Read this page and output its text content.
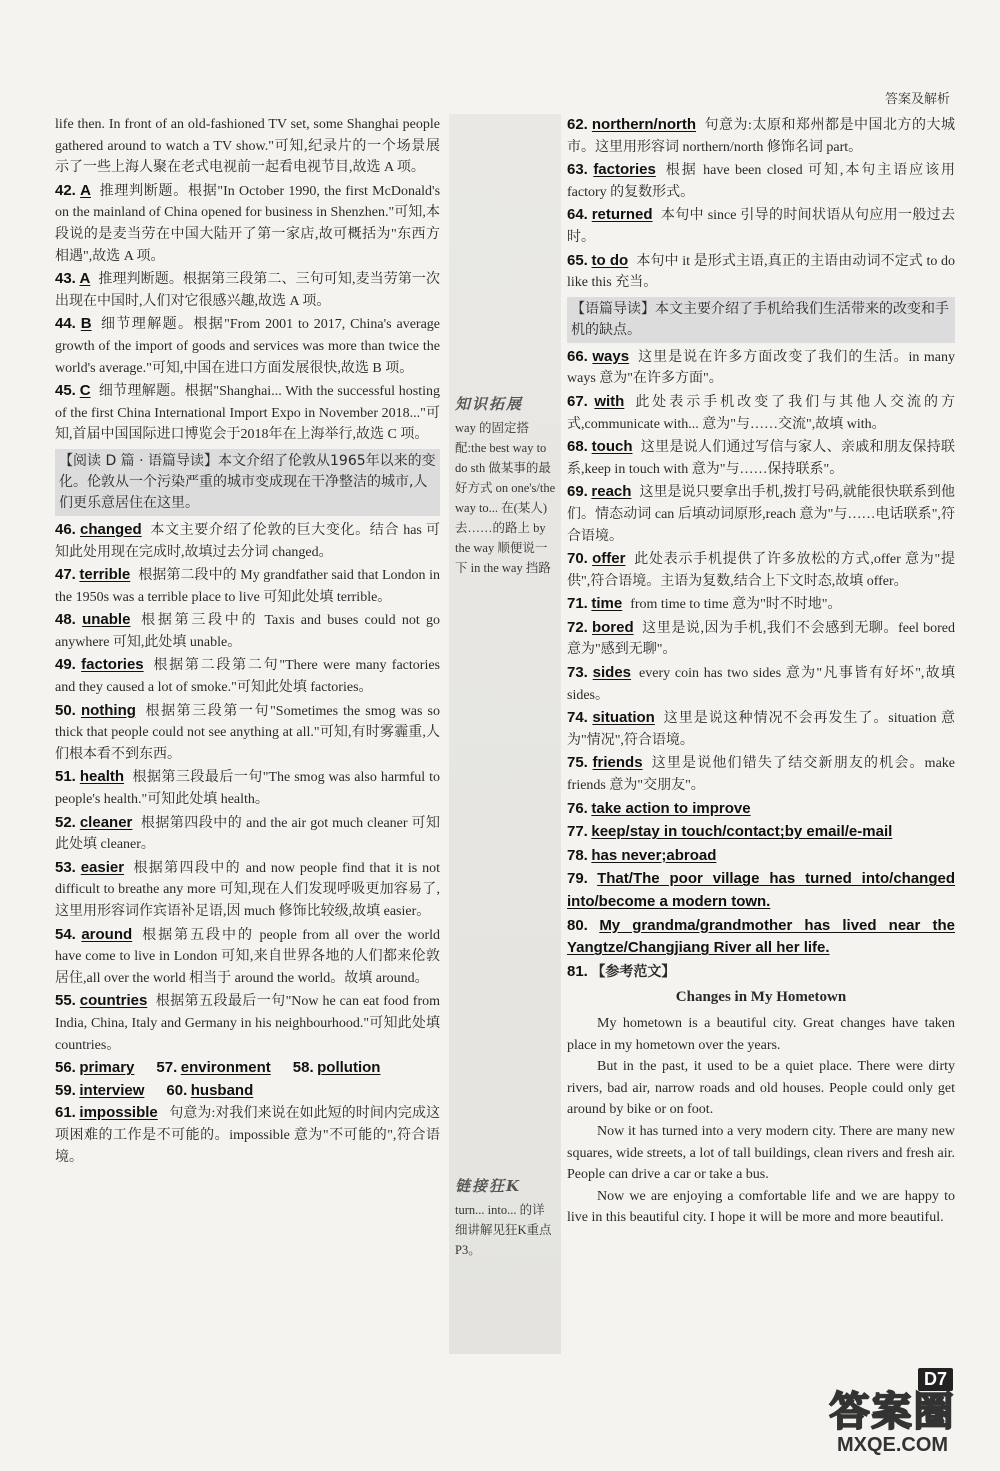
答案及解析
life then. In front of an old-fashioned TV set, some Shanghai people gathered around to watch a TV show."可知,纪录片的一个场景展示了一些上海人聚在老式电视前一起看电视节目,故选 A 项。
42. A 推理判断题。根据"In October 1990, the first McDonald's on the mainland of China opened for business in Shenzhen."可知,本段说的是麦当劳在中国大陆开了第一家店,故可概括为"东西方相遇",故选 A 项。
43. A 推理判断题。根据第三段第二、三句可知,麦当劳第一次出现在中国时,人们对它很感兴趣,故选 A 项。
44. B 细节理解题。根据"From 2001 to 2017, China's average growth of the import of goods and services was more than twice the world's average."可知,中国在进口方面发展很快,故选 B 项。
45. C 细节理解题。根据"Shanghai... With the successful hosting of the first China International Import Expo in November 2018..."可知,首届中国国际进口博览会于2018年在上海举行,故选 C 项。
【阅读 D 篇 · 语篇导读】本文介绍了伦敦从1965年以来的变化。伦敦从一个污染严重的城市变成现在干净整洁的城市,人们更乐意居住在这里。
46. changed 本文主要介绍了伦敦的巨大变化。结合 has 可知此处用现在完成时,故填过去分词 changed。
47. terrible 根据第二段中的 My grandfather said that London in the 1950s was a terrible place to live 可知此处填 terrible。
48. unable 根据第三段中的 Taxis and buses could not go anywhere 可知,此处填 unable。
49. factories 根据第二段第二句"There were many factories and they caused a lot of smoke."可知此处填 factories。
50. nothing 根据第三段第一句"Sometimes the smog was so thick that people could not see anything at all."可知,有时雾霾重,人们根本看不到东西。
51. health 根据第三段最后一句"The smog was also harmful to people's health."可知此处填 health。
52. cleaner 根据第四段中的 and the air got much cleaner 可知此处填 cleaner。
53. easier 根据第四段中的 and now people find that it is not difficult to breathe any more 可知,现在人们发现呼吸更加容易了,这里用形容词作宾语补足语,因 much 修饰比较级,故填 easier。
54. around 根据第五段中的 people from all over the world have come to live in London 可知,来自世界各地的人们都来伦敦居住,all over the world 相当于 around the world。故填 around。
55. countries 根据第五段最后一句"Now he can eat food from India, China, Italy and Germany in his neighbourhood."可知此处填 countries。
56. primary	57. environment	58. pollution
59. interview	60. husband
61. impossible 句意为:对我们来说在如此短的时间内完成这项困难的工作是不可能的。impossible 意为"不可能的",符合语境。
知识拓展
way 的固定搭配:the best way to do sth 做某事的最好方式 on one's/the way to... 在(某人)去……的路上 by the way 顺便说一下 in the way 挡路
链接狂K
turn... into... 的详细讲解见狂K重点P3。
62. northern/north 句意为:太原和郑州都是中国北方的大城市。这里用形容词 northern/north 修饰名词 part。
63. factories 根据 have been closed 可知,本句主语应该用 factory 的复数形式。
64. returned 本句中 since 引导的时间状语从句应用一般过去时。
65. to do 本句中 it 是形式主语,真正的主语由动词不定式 to do like this 充当。
【语篇导读】本文主要介绍了手机给我们生活带来的改变和手机的缺点。
66. ways 这里是说在许多方面改变了我们的生活。in many ways 意为"在许多方面"。
67. with 此处表示手机改变了我们与其他人交流的方式,communicate with... 意为"与……交流",故填 with。
68. touch 这里是说人们通过写信与家人、亲戚和朋友保持联系,keep in touch with 意为"与……保持联系"。
69. reach 这里是说只要拿出手机,拨打号码,就能很快联系到他们。情态动词 can 后填动词原形,reach 意为"与……电话联系",符合语境。
70. offer 此处表示手机提供了许多放松的方式,offer 意为"提供",符合语境。主语为复数,结合上下文时态,故填 offer。
71. time from time to time 意为"时不时地"。
72. bored 这里是说,因为手机,我们不会感到无聊。feel bored 意为"感到无聊"。
73. sides every coin has two sides 意为"凡事皆有好坏",故填 sides。
74. situation 这里是说这种情况不会再发生了。situation 意为"情况",符合语境。
75. friends 这里是说他们错失了结交新朋友的机会。make friends 意为"交朋友"。
76. take action to improve
77. keep/stay in touch/contact;by email/e-mail
78. has never;abroad
79. That/The poor village has turned into/changed into/become a modern town.
80. My grandma/grandmother has lived near the Yangtze/Changjiang River all her life.
81. 【参考范文】
Changes in My Hometown

My hometown is a beautiful city. Great changes have taken place in my hometown over the years.

But in the past, it used to be a quiet place. There were dirty rivers, bad air, narrow roads and old houses. People could only get around by bike or on foot.

Now it has turned into a very modern city. There are many new squares, wide streets, a lot of tall buildings, clean rivers and fresh air. People can drive a car or take a bus.

Now we are enjoying a comfortable life and we are happy to live in this beautiful city. I hope it will be more and more beautiful.

D7
答案圈
MXQE.COM
